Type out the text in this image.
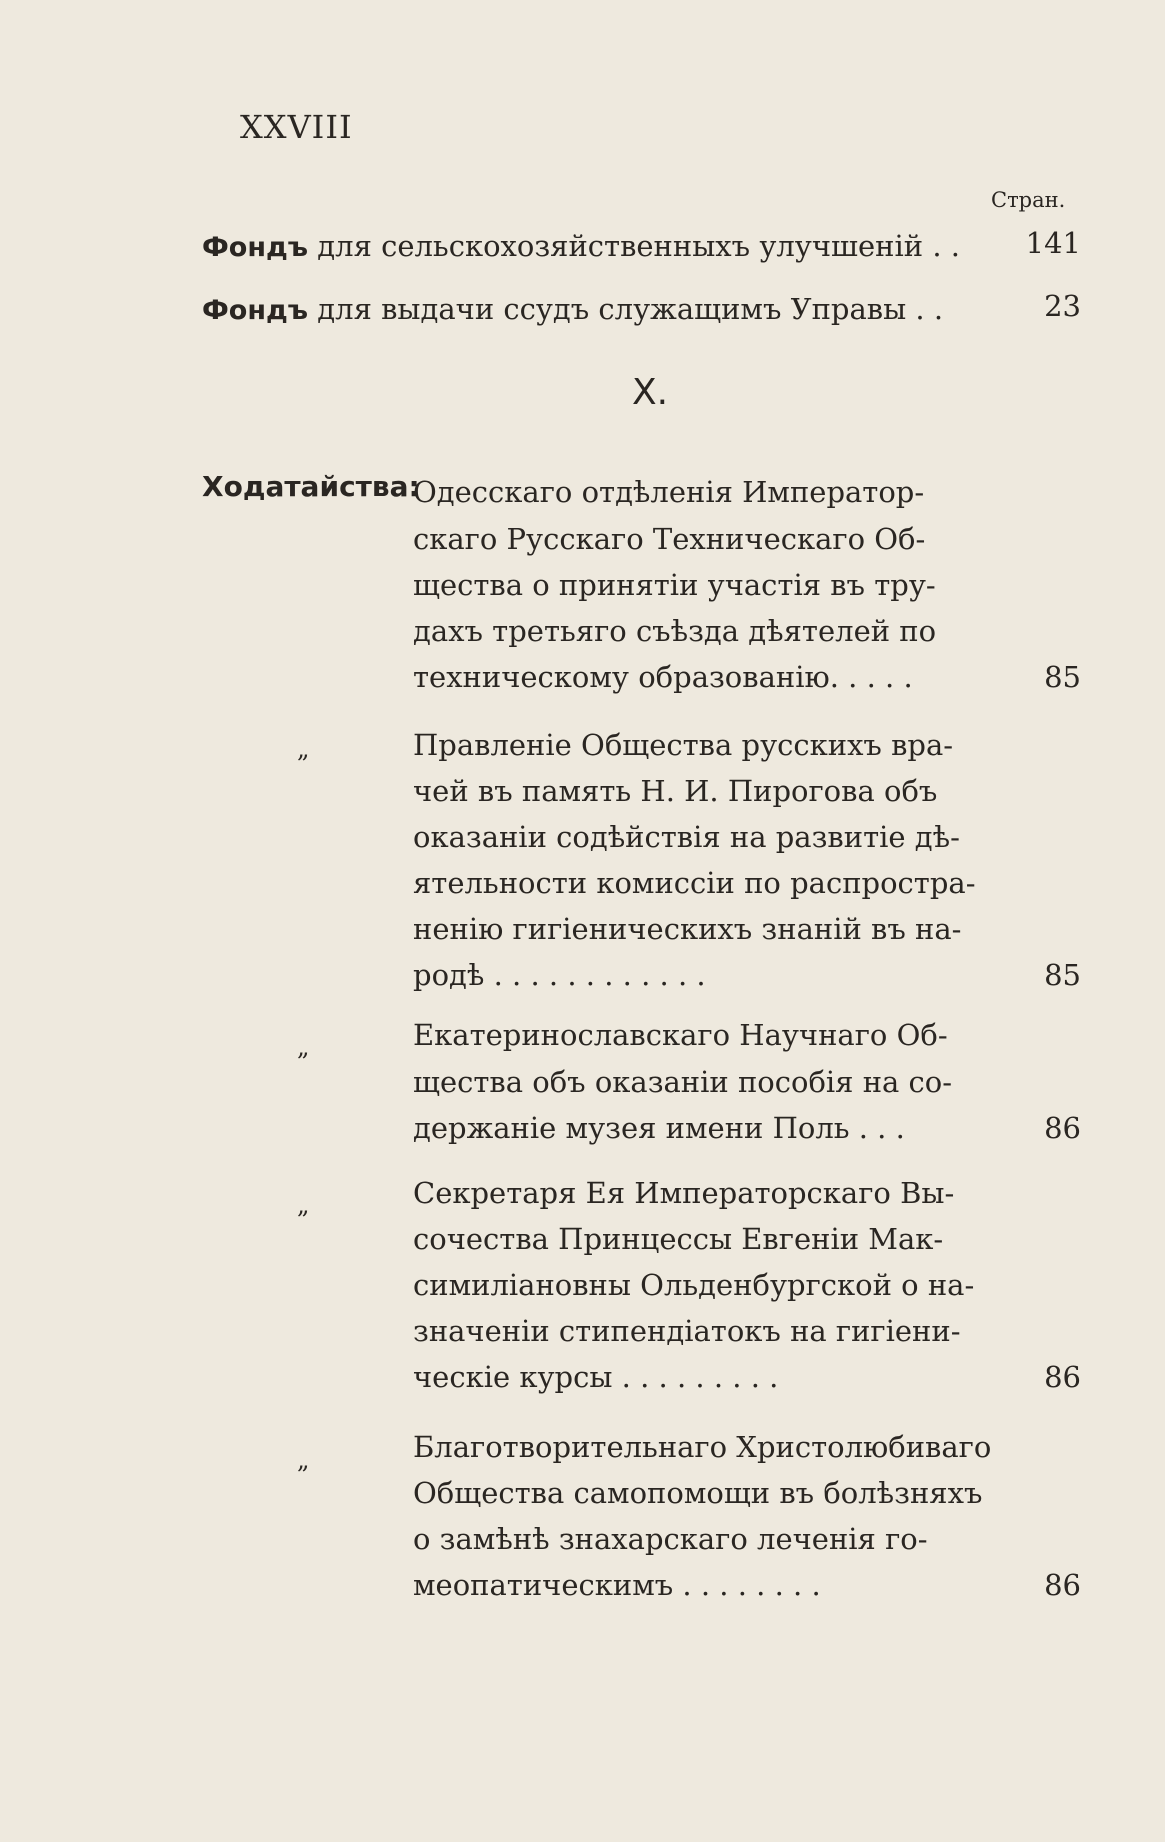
XXVIII
Стран.
Фондъ для сельскохозяйственныхъ улучшеній . .	141
Фондъ для выдачи ссудъ служащимъ Управы . .	23
X.
Ходатайства:
Одесскаго отдѣленія Император-
скаго Русскаго Техническаго Об-
щества о принятіи участія въ тру-
дахъ третьяго съѣзда дѣятелей по
техническому образованію. . . . .	85
„	Правленіе Общества русскихъ вра-
чей въ память Н. И. Пирогова объ
оказаніи содѣйствія на развитіе дѣ-
ятельности комиссіи по распростра-
ненію гигіеническихъ знаній въ на-
родѣ . . . . . . . . . . . .	85
„	Екатеринославскаго Научнаго Об-
щества объ оказаніи пособія на со-
держаніе музея имени Поль . . .	86
„	Секретаря Ея Императорскаго Вы-
сочества Принцессы Евгеніи Мак-
симиліановны Ольденбургской о на-
значеніи стипендіатокъ на гигіени-
ческіе курсы . . . . . . . . .	86
„	Благотворительнаго Христолюбиваго
Общества самопомощи въ болѣзняхъ
о замѣнѣ знахарскаго леченія го-
меопатическимъ . . . . . . . .	86
